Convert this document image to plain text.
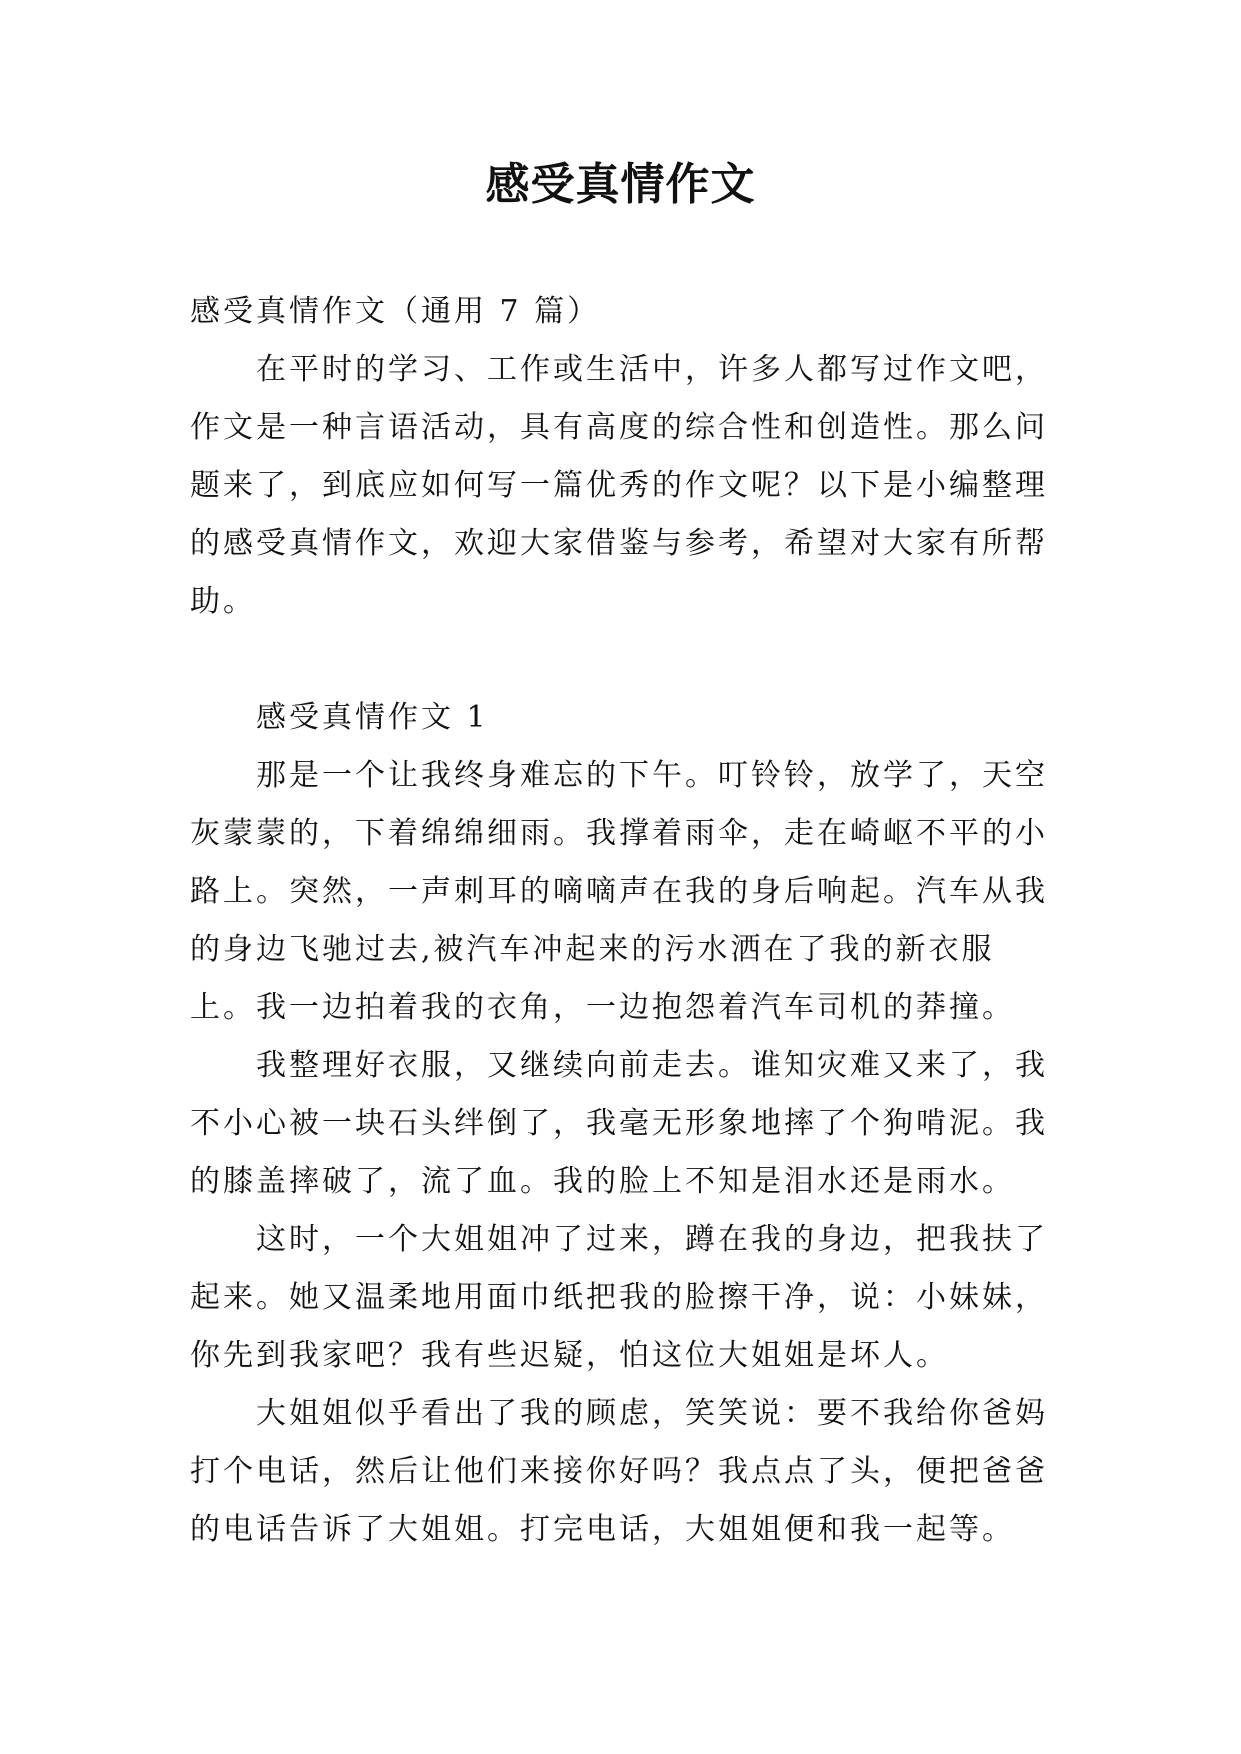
感受真情作文

感受真情作文（通用 7 篇）

在平时的学习、工作或生活中，许多人都写过作文吧，作文是一种言语活动，具有高度的综合性和创造性。那么问题来了，到底应如何写一篇优秀的作文呢？以下是小编整理的感受真情作文，欢迎大家借鉴与参考，希望对大家有所帮助。

感受真情作文 1

那是一个让我终身难忘的下午。叮铃铃，放学了，天空灰蒙蒙的，下着绵绵细雨。我撑着雨伞，走在崎岖不平的小路上。突然，一声刺耳的嘀嘀声在我的身后响起。汽车从我的身边飞驰过去,被汽车冲起来的污水洒在了我的新衣服上。我一边拍着我的衣角，一边抱怨着汽车司机的莽撞。

我整理好衣服，又继续向前走去。谁知灾难又来了，我不小心被一块石头绊倒了，我毫无形象地摔了个狗啃泥。我的膝盖摔破了，流了血。我的脸上不知是泪水还是雨水。

这时，一个大姐姐冲了过来，蹲在我的身边，把我扶了起来。她又温柔地用面巾纸把我的脸擦干净，说：小妹妹，你先到我家吧？我有些迟疑，怕这位大姐姐是坏人。

大姐姐似乎看出了我的顾虑，笑笑说：要不我给你爸妈打个电话，然后让他们来接你好吗？我点点了头，便把爸爸的电话告诉了大姐姐。打完电话，大姐姐便和我一起等。
